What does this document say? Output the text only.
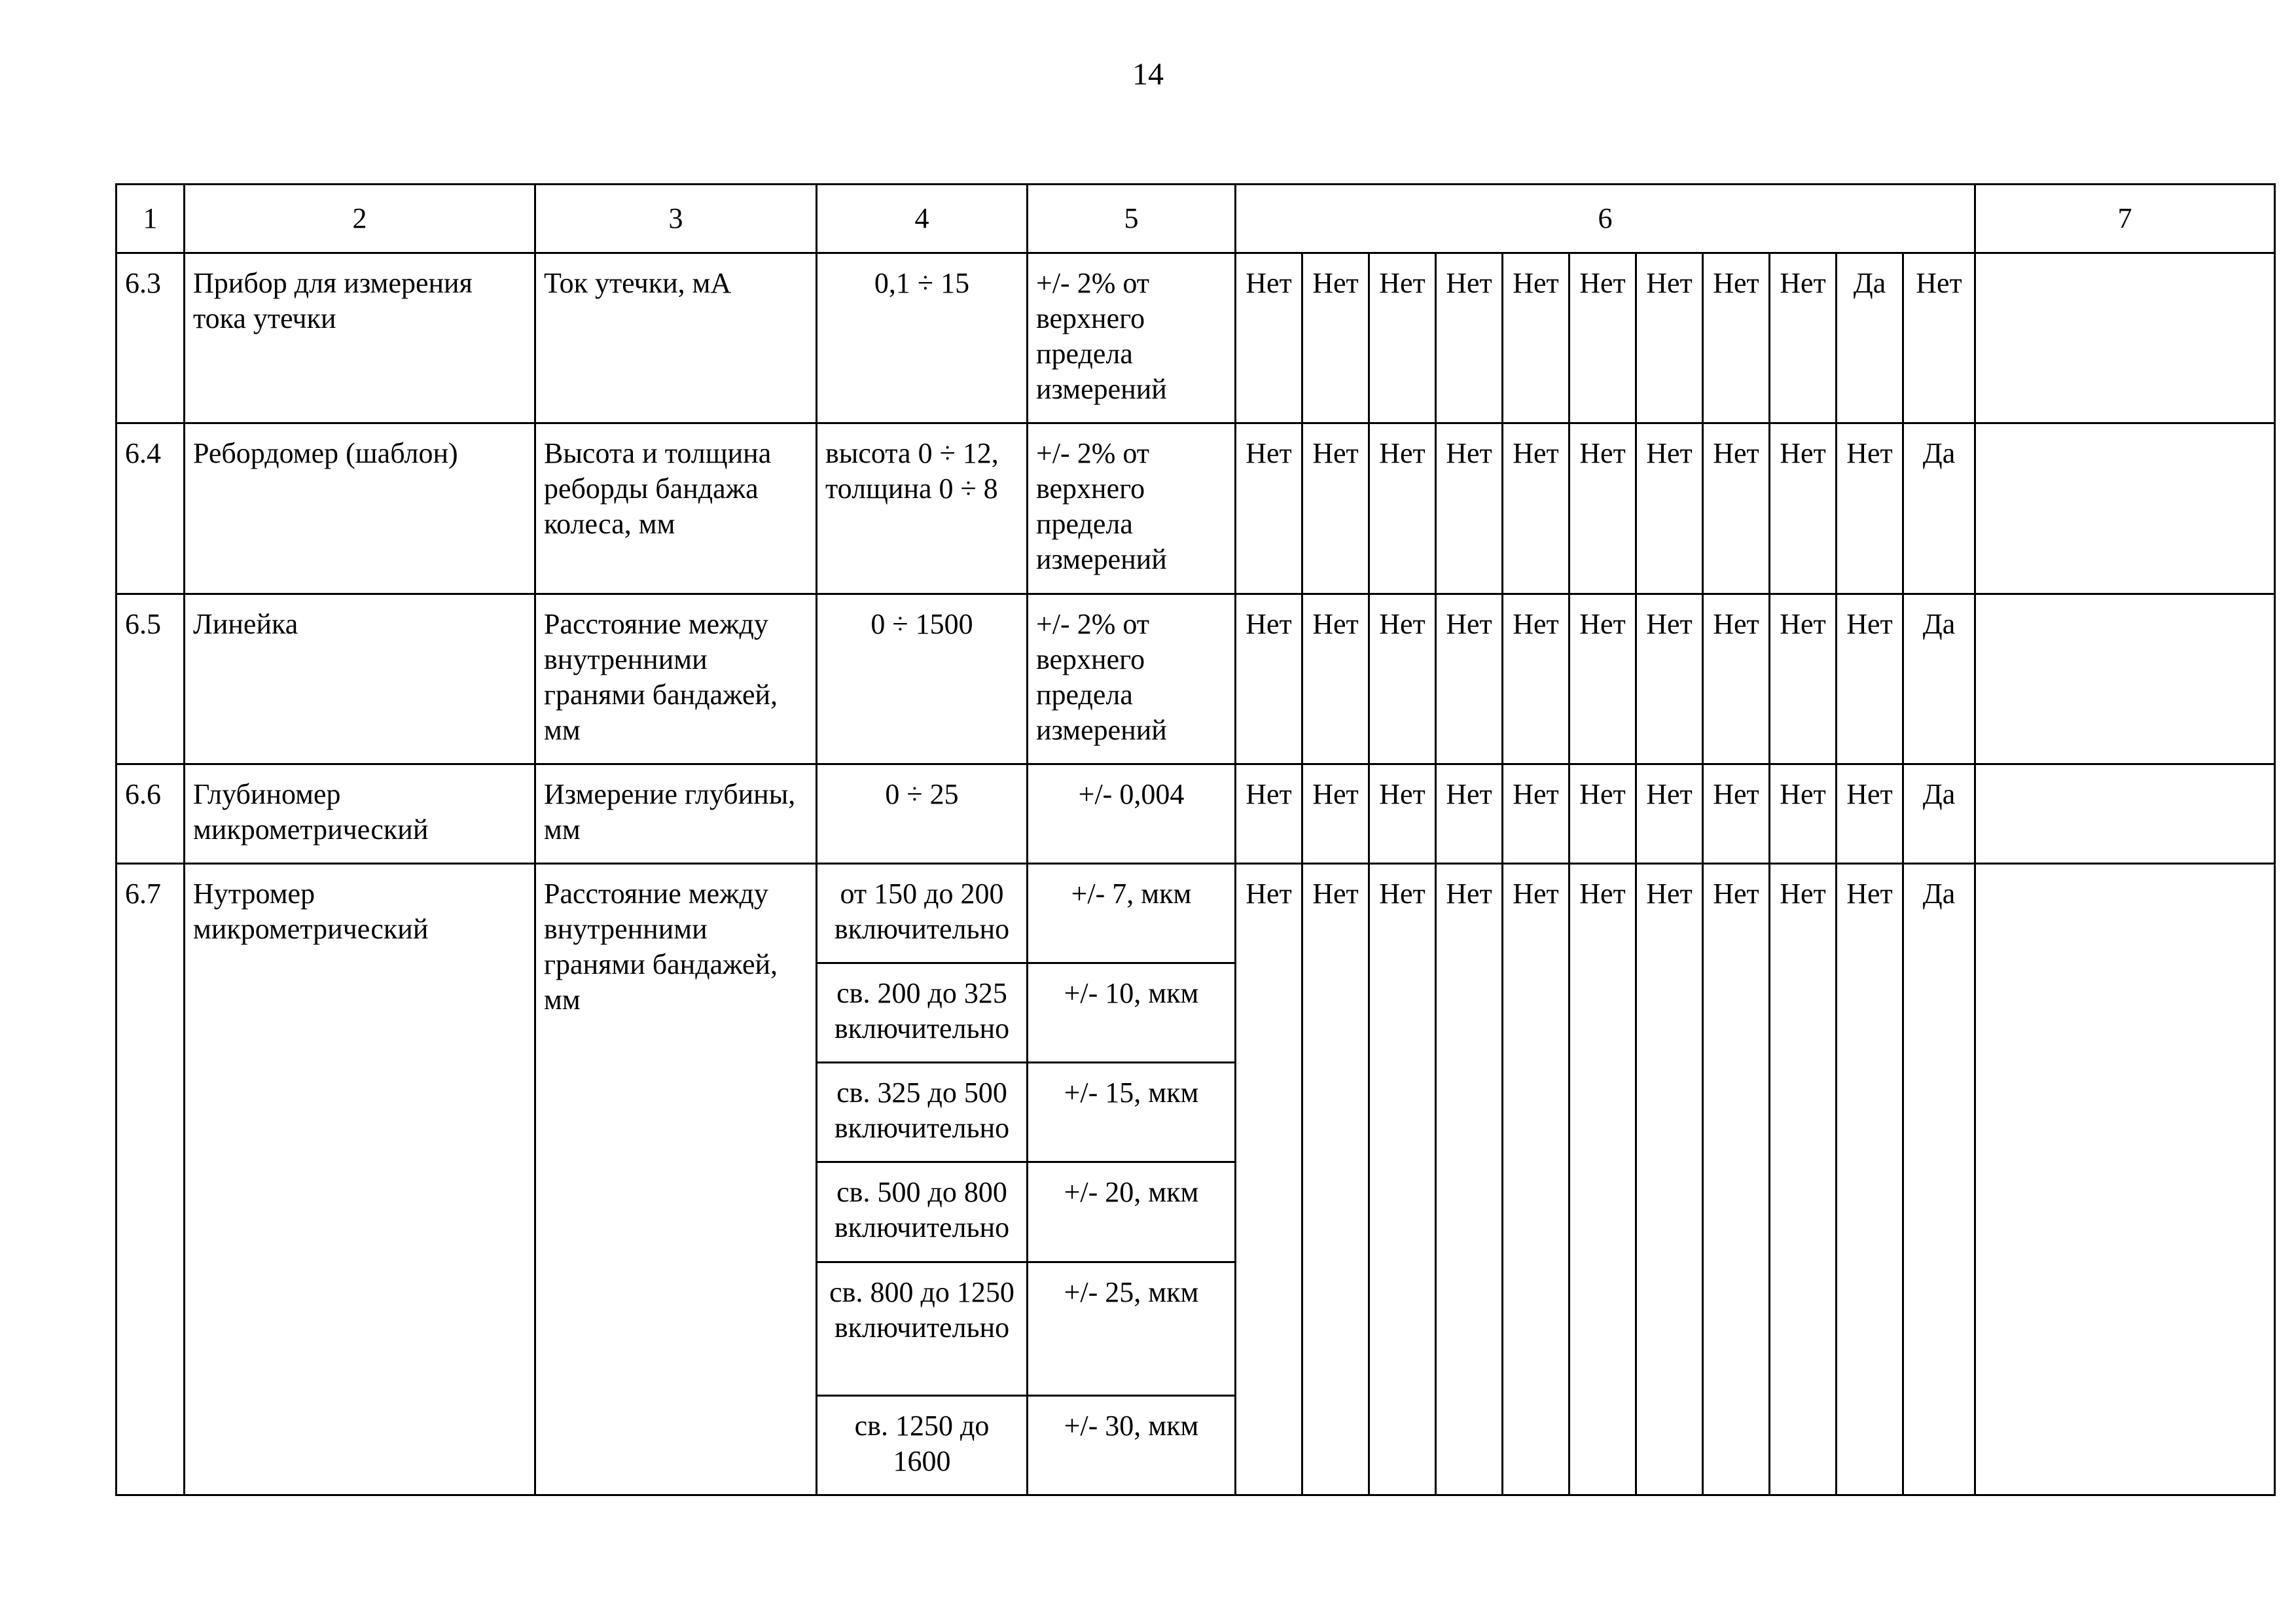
14
1	2	3	4	5	6											7
6.3	Прибор для измерения тока утечки	Ток утечки, мА	0,1 ÷ 15	+/- 2% от верхнего предела измерений	Нет	Нет	Нет	Нет	Нет	Нет	Нет	Нет	Нет	Да	Нет	
6.4	Ребордомер (шаблон)	Высота и толщина реборды бандажа колеса, мм	высота 0 ÷ 12, толщина 0 ÷ 8	+/- 2% от верхнего предела измерений	Нет	Нет	Нет	Нет	Нет	Нет	Нет	Нет	Нет	Нет	Да	
6.5	Линейка	Расстояние между внутренними гранями бандажей, мм	0 ÷ 1500	+/- 2% от верхнего предела измерений	Нет	Нет	Нет	Нет	Нет	Нет	Нет	Нет	Нет	Нет	Да	
6.6	Глубиномер микрометрический	Измерение глубины, мм	0 ÷ 25	+/- 0,004	Нет	Нет	Нет	Нет	Нет	Нет	Нет	Нет	Нет	Нет	Да	
6.7	Нутромер микрометрический	Расстояние между внутренними гранями бандажей, мм	от 150 до 200 включительно	+/- 7, мкм	Нет	Нет	Нет	Нет	Нет	Нет	Нет	Нет	Нет	Нет	Да	
			св. 200 до 325 включительно	+/- 10, мкм												
			св. 325 до 500 включительно	+/- 15, мкм												
			св. 500 до 800 включительно	+/- 20, мкм												
			св. 800 до 1250 включительно	+/- 25, мкм												
			св. 1250 до 1600	+/- 30, мкм												
